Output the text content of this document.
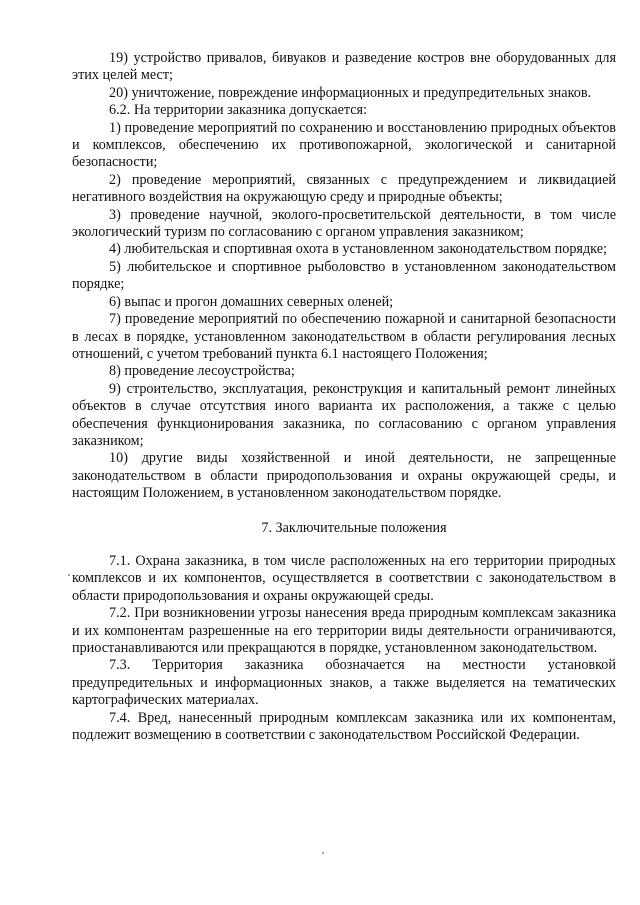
19) устройство привалов, бивуаков и разведение костров вне оборудованных для этих целей мест;

20) уничтожение, повреждение информационных и предупредительных знаков.

6.2. На территории заказника допускается:

1) проведение мероприятий по сохранению и восстановлению природных объектов и комплексов, обеспечению их противопожарной, экологической и санитарной безопасности;

2) проведение мероприятий, связанных с предупреждением и ликвидацией негативного воздействия на окружающую среду и природные объекты;

3) проведение научной, эколого-просветительской деятельности, в том числе экологический туризм по согласованию с органом управления заказником;

4) любительская и спортивная охота в установленном законодательством порядке;

5) любительское и спортивное рыболовство в установленном законодательством порядке;

6) выпас и прогон домашних северных оленей;

7) проведение мероприятий по обеспечению пожарной и санитарной безопасности в лесах в порядке, установленном законодательством в области регулирования лесных отношений, с учетом требований пункта 6.1 настоящего Положения;

8) проведение лесоустройства;

9) строительство, эксплуатация, реконструкция и капитальный ремонт линейных объектов в случае отсутствия иного варианта их расположения, а также с целью обеспечения функционирования заказника, по согласованию с органом управления заказником;

10) другие виды хозяйственной и иной деятельности, не запрещенные законодательством в области природопользования и охраны окружающей среды, и настоящим Положением, в установленном законодательством порядке.

7. Заключительные положения

7.1. Охрана заказника, в том числе расположенных на его территории природных комплексов и их компонентов, осуществляется в соответствии с законодательством в области природопользования и охраны окружающей среды.

7.2. При возникновении угрозы нанесения вреда природным комплексам заказника и их компонентам разрешенные на его территории виды деятельности ограничиваются, приостанавливаются или прекращаются в порядке, установленном законодательством.

7.3. Территория заказника обозначается на местности установкой предупредительных и информационных знаков, а также выделяется на тематических картографических материалах.

7.4. Вред, нанесенный природным комплексам заказника или их компонентам, подлежит возмещению в соответствии с законодательством Российской Федерации.
